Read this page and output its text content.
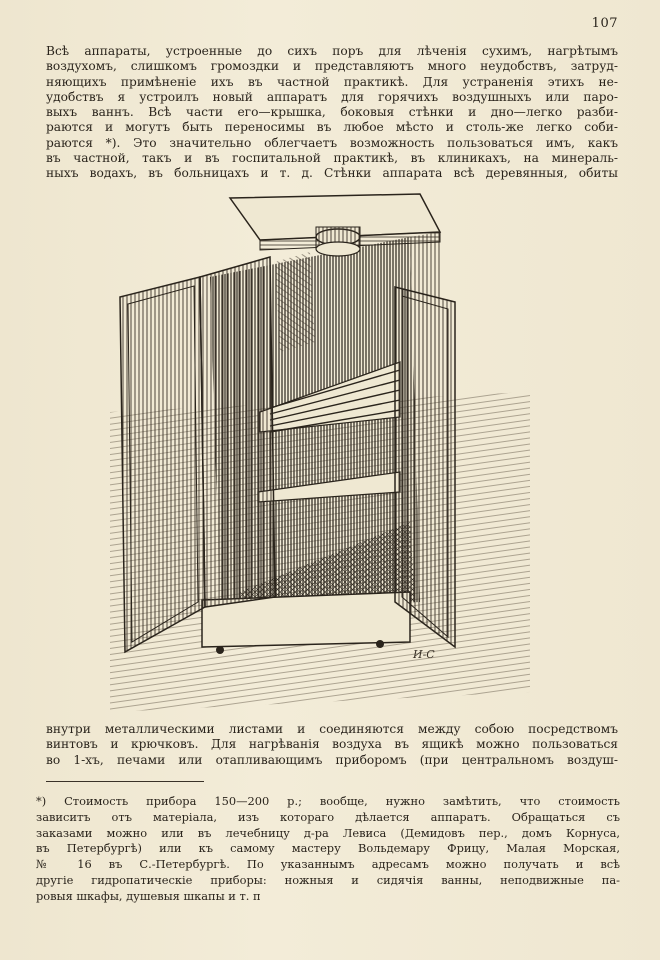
107
Всѣ аппараты, устроенные до сихъ поръ для лѣченія сухимъ, нагрѣтымъ
воздухомъ, слишкомъ громоздки и представляютъ много неудобствъ, затруд-
няющихъ примѣненіе ихъ въ частной практикѣ. Для устраненія этихъ не-
удобствъ я устроилъ новый аппаратъ для горячихъ воздушныхъ или паро-
выхъ ваннъ. Всѣ части его—крышка, боковыя стѣнки и дно—легко разби-
раются и могутъ быть переносимы въ любое мѣсто и столь-же легко соби-
раются *). Это значительно облегчаетъ возможность пользоваться имъ, какъ
въ частной, такъ и въ госпитальной практикѣ, въ клиникахъ, на минераль-
ныхъ водахъ, въ больницахъ и т. д. Стѣнки аппарата всѣ деревянныя, обиты
И-С
внутри металлическими листами и соединяются между собою посредствомъ
винтовъ и крючковъ. Для нагрѣванія воздуха въ ящикѣ можно пользоваться
во 1-хъ, печами или отапливающимъ приборомъ (при центральномъ воздуш-
*) Стоимость прибора 150—200 р.; вообще, нужно замѣтить, что стоимость
зависитъ отъ матеріала, изъ котораго дѣлается аппаратъ. Обращаться съ
заказами можно или въ лечебницу д-ра Левиса (Демидовъ пер., домъ Корнуса,
въ Петербургѣ) или къ самому мастеру Вольдемару Фрицу, Малая Морская,
№ 16 въ С.-Петербургѣ. По указаннымъ адресамъ можно получать и всѣ
другіе гидропатическіе приборы: ножныя и сидячія ванны, неподвижные па-
ровыя шкафы, душевыя шкапы и т. п
